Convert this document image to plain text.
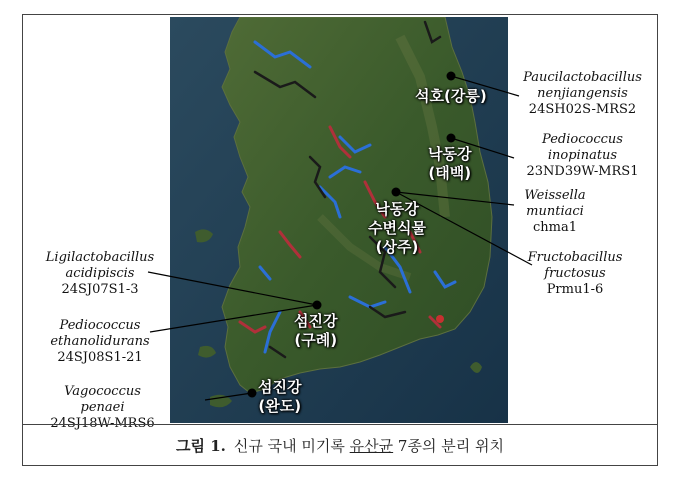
석호(강릉)
낙동강
(태백)
낙동강
수변식물
(상주)
섬진강
(구례)
섬진강
(완도)
Paucilactobacillus
nenjiangensis
24SH02S-MRS2
Pediococcus
inopinatus
23ND39W-MRS1
Weissella
muntiaci
chma1
Fructobacillus
fructosus
Prmu1-6
Ligilactobacillus
acidipiscis
24SJ07S1-3
Pediococcus
ethanolidurans
24SJ08S1-21
Vagococcus
penaei
24SJ18W-MRS6
그림 1. 신규 국내 미기록
유산균
7종의 분리 위치
